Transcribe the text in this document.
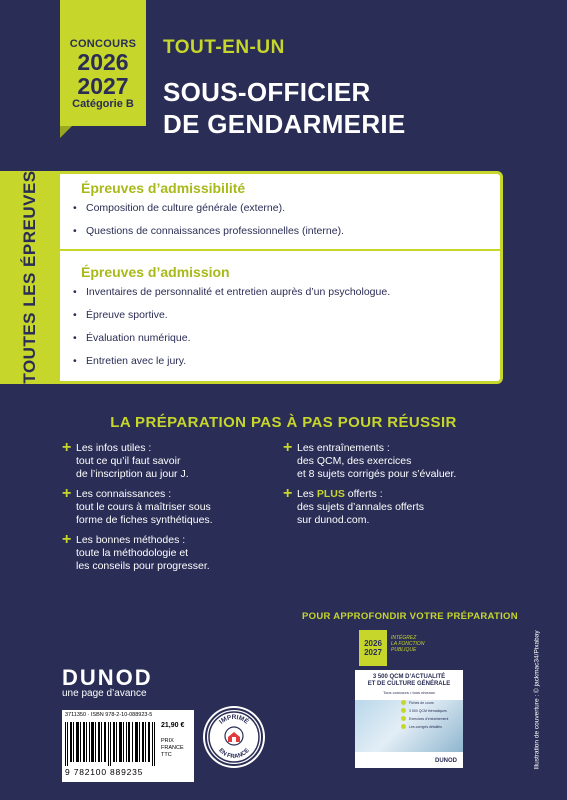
CONCOURS
2026
2027
Catégorie B
TOUT-EN-UN
SOUS-OFFICIER
DE GENDARMERIE
TOUTES LES ÉPREUVES	Épreuves d’admissibilité
• Composition de culture générale (externe).
• Questions de connaissances professionnelles (interne).
Épreuves d’admission
• Inventaires de personnalité et entretien auprès d’un psychologue.
• Épreuve sportive.
• Évaluation numérique.
• Entretien avec le jury.
LA PRÉPARATION PAS À PAS POUR RÉUSSIR
+ Les infos utiles :
tout ce qu’il faut savoir
de l’inscription au jour J.
+ Les connaissances :
tout le cours à maîtriser sous
forme de fiches synthétiques.
+ Les bonnes méthodes :
toute la méthodologie et
les conseils pour progresser.
+ Les entraînements :
des QCM, des exercices
et 8 sujets corrigés pour s’évaluer.
+ Les PLUS offerts :
des sujets d’annales offerts
sur dunod.com.
POUR APPROFONDIR VOTRE PRÉPARATION
2026
2027
INTÉGREZ
LA FONCTION
PUBLIQUE
3 500 QCM D’ACTUALITÉ
ET DE CULTURE GÉNÉRALE
Tous concours • tous niveaux
Fiches de cours
3 500 QCM thématiques
Exercices d'entraînement
Les corrigés détaillés
DUNOD	Illustration de couverture : © jackmac34/Pixabay
DUNOD
une page d’avance
3711350 · ISBN 978-2-10-088923-5
9 782100 889235
21,90 €
PRIX
FRANCE
TTC
IMPRIMÉ
EN FRANCE
